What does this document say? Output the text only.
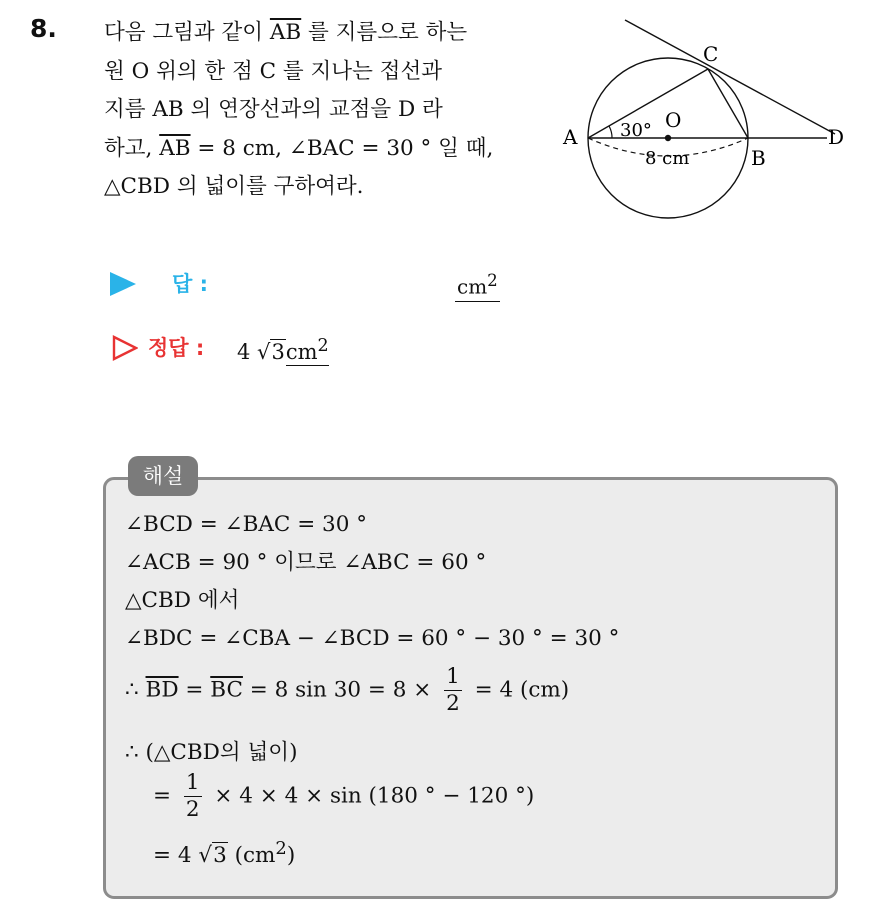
8. 다음 그림과 같이 $\overline{AB}$ 를 지름으로 하는
원 O 위의 한 점 C 를 지나는 접선과
지름 AB 의 연장선과의 교점을 D 라
하고, $\overline{AB} = 8$ cm, ∠BAC = 30 ° 일 때,
△CBD 의 넓이를 구하여라.
A
B
C
D
O
30°
8 cm
답 :	$cm^2$
정답 : 4 $√3cm^2$
해설
∠BCD = ∠BAC = 30 °
∠ACB = 90 ° 이므로 ∠ABC = 60 °
△CBD 에서
∠BDC = ∠CBA − ∠BCD = 60 ° − 30 ° = 30 °
∴ $\overline{BD} = \overline{BC} = 8$ $\sin 30 = 8 \times \frac{1}{2} = 4$ (cm)
∴ (△CBD의 넓이)
= $\frac{1}{2} \times 4 \times 4 \times \sin (180$ ° − 120 °)
= 4 √3 $(cm^2)$
